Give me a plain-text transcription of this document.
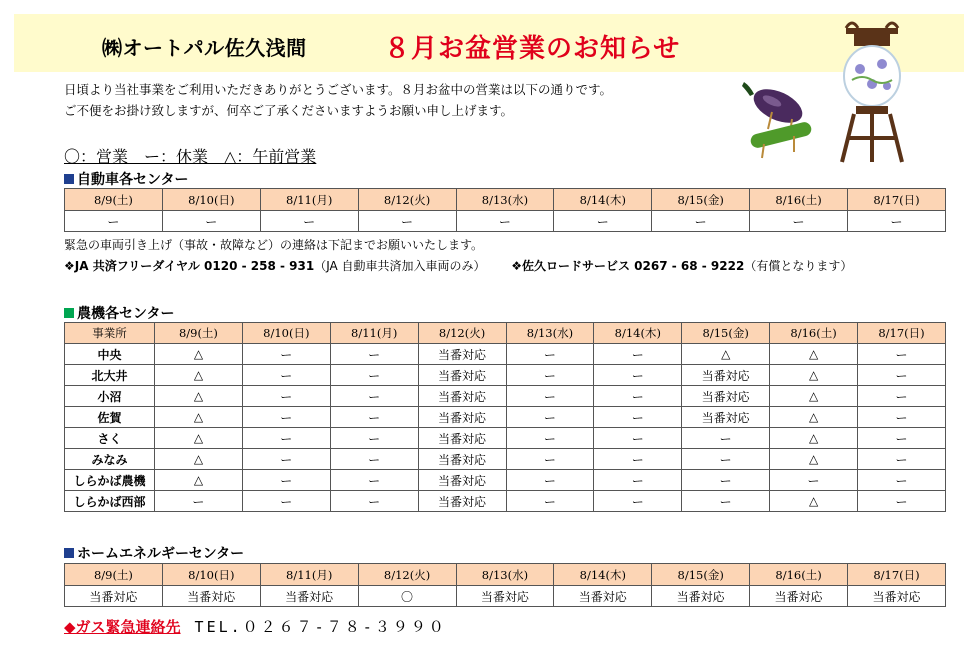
㈱オートパル佐久浅間	８月お盆営業のお知らせ
日頃より当社事業をご利用いただきありがとうございます。８月お盆中の営業は以下の通りです。
ご不便をお掛け致しますが、何卒ご了承くださいますようお願い申し上げます。
〇：営業　ー：休業　△：午前営業
自動車各センター
8/9(土)	8/10(日)	8/11(月)	8/12(火)	8/13(水)	8/14(木)	8/15(金)	8/16(土)	8/17(日)
ー	ー	ー	ー	ー	ー	ー	ー	ー
緊急の車両引き上げ（事故・故障など）の連絡は下記までお願いいたします。
❖JA 共済フリーダイヤル 0120 - 258 - 931（JA 自動車共済加入車両のみ） ❖佐久ロードサービス 0267 - 68 - 9222（有償となります）
農機各センター
事業所	8/9(土)	8/10(日)	8/11(月)	8/12(火)	8/13(水)	8/14(木)	8/15(金)	8/16(土)	8/17(日)
中央	△	ー	ー	当番対応	ー	ー	△	△	ー
北大井	△	ー	ー	当番対応	ー	ー	当番対応	△	ー
小沼	△	ー	ー	当番対応	ー	ー	当番対応	△	ー
佐賀	△	ー	ー	当番対応	ー	ー	当番対応	△	ー
さく	△	ー	ー	当番対応	ー	ー	ー	△	ー
みなみ	△	ー	ー	当番対応	ー	ー	ー	△	ー
しらかば農機	△	ー	ー	当番対応	ー	ー	ー	ー	ー
しらかば西部	ー	ー	ー	当番対応	ー	ー	ー	△	ー
ホームエネルギーセンター
8/9(土)	8/10(日)	8/11(月)	8/12(火)	8/13(水)	8/14(木)	8/15(金)	8/16(土)	8/17(日)
当番対応	当番対応	当番対応	〇	当番対応	当番対応	当番対応	当番対応	当番対応
◆ガス緊急連絡先 TEL.０２６７-７８-３９９０
